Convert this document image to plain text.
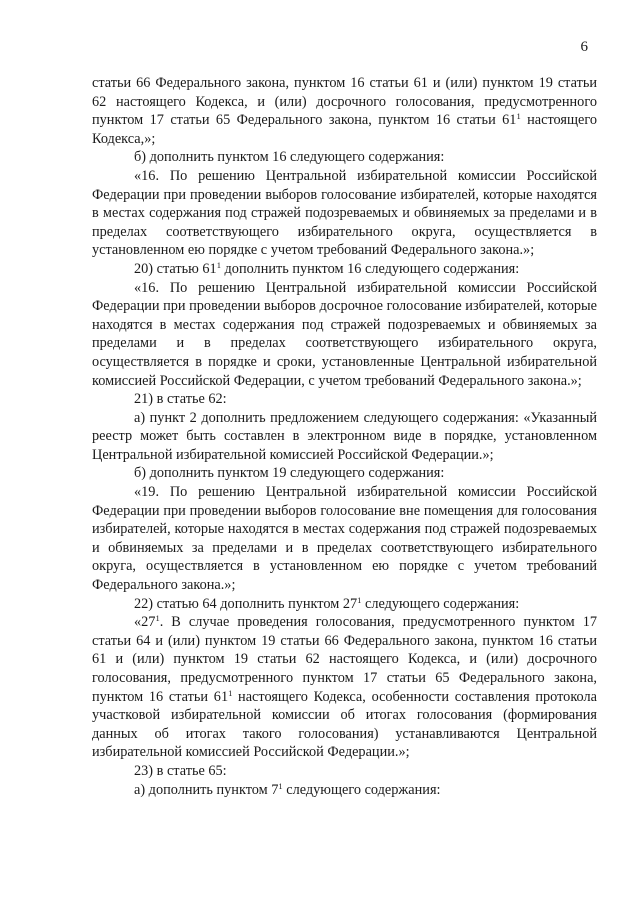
6

статьи 66 Федерального закона, пунктом 16 статьи 61 и (или) пунктом 19 статьи 62 настоящего Кодекса, и (или) досрочного голосования, предусмотренного пунктом 17 статьи 65 Федерального закона, пунктом 16 статьи $61^1$ настоящего Кодекса,»;

б) дополнить пунктом 16 следующего содержания:

«16. По решению Центральной избирательной комиссии Российской Федерации при проведении выборов голосование избирателей, которые находятся в местах содержания под стражей подозреваемых и обвиняемых за пределами и в пределах соответствующего избирательного округа, осуществляется в установленном ею порядке с учетом требований Федерального закона.»;

20) статью $61^1$ дополнить пунктом 16 следующего содержания:

«16. По решению Центральной избирательной комиссии Российской Федерации при проведении выборов досрочное голосование избирателей, которые находятся в местах содержания под стражей подозреваемых и обвиняемых за пределами и в пределах соответствующего избирательного округа, осуществляется в порядке и сроки, установленные Центральной избирательной комиссией Российской Федерации, с учетом требований Федерального закона.»;

21) в статье 62:

а) пункт 2 дополнить предложением следующего содержания: «Указанный реестр может быть составлен в электронном виде в порядке, установленном Центральной избирательной комиссией Российской Федерации.»;

б) дополнить пунктом 19 следующего содержания:

«19. По решению Центральной избирательной комиссии Российской Федерации при проведении выборов голосование вне помещения для голосования избирателей, которые находятся в местах содержания под стражей подозреваемых и обвиняемых за пределами и в пределах соответствующего избирательного округа, осуществляется в установленном ею порядке с учетом требований Федерального закона.»;

22) статью 64 дополнить пунктом $27^1$ следующего содержания:

«$27^1$. В случае проведения голосования, предусмотренного пунктом 17 статьи 64 и (или) пунктом 19 статьи 66 Федерального закона, пунктом 16 статьи 61 и (или) пунктом 19 статьи 62 настоящего Кодекса, и (или) досрочного голосования, предусмотренного пунктом 17 статьи 65 Федерального закона, пунктом 16 статьи $61^1$ настоящего Кодекса, особенности составления протокола участковой избирательной комиссии об итогах голосования (формирования данных об итогах такого голосования) устанавливаются Центральной избирательной комиссией Российской Федерации.»;

23) в статье 65:

а) дополнить пунктом $7^1$ следующего содержания:
